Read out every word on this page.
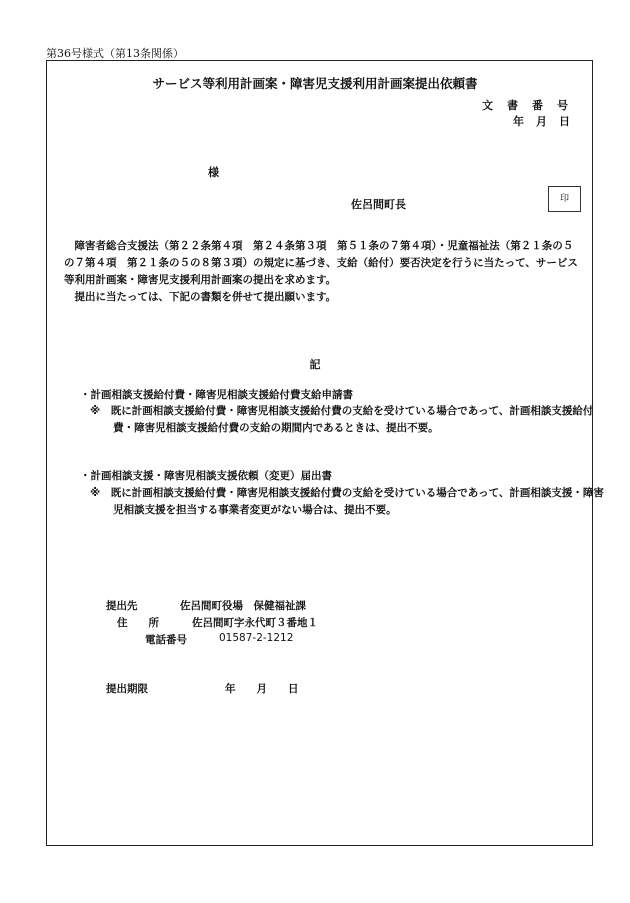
第36号様式（第13条関係）
サービス等利用計画案・障害児支援利用計画案提出依頼書
文書番号
年月日
様
佐呂間町長	印

障害者総合支援法（第２２条第４項　第２４条第３項　第５１条の７第４項）・児童福祉法（第２１条の５の７第４項　第２１条の５の８第３項）の規定に基づき、支給（給付）要否決定を行うに当たって、サービス等利用計画案・障害児支援利用計画案の提出を求めます。

提出に当たっては、下記の書類を併せて提出願います。

記
・計画相談支援給付費・障害児相談支援給付費支給申請書
※　既に計画相談支援給付費・障害児相談支援給付費の支給を受けている場合であって、計画相談支援給付費・障害児相談支援給付費の支給の期間内であるときは、提出不要。
・計画相談支援・障害児相談支援依頼（変更）届出書
※　既に計画相談支援給付費・障害児相談支援給付費の支給を受けている場合であって、計画相談支援・障害児相談支援を担当する事業者変更がない場合は、提出不要。
提出先	佐呂間町役場　保健福祉課
住　　所	佐呂間町字永代町３番地１
電話番号	01587-2-1212
提出期限	年　　月　　日
